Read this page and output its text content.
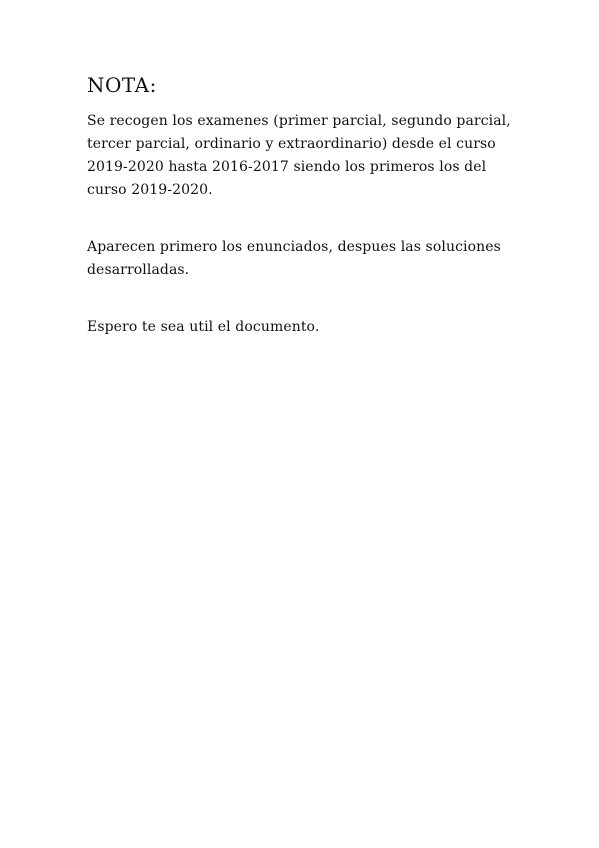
NOTA:

Se recogen los examenes (primer parcial, segundo parcial,
tercer parcial, ordinario y extraordinario) desde el curso
2019-2020 hasta 2016-2017 siendo los primeros los del
curso 2019-2020.

Aparecen primero los enunciados, despues las soluciones
desarrolladas.

Espero te sea util el documento.
